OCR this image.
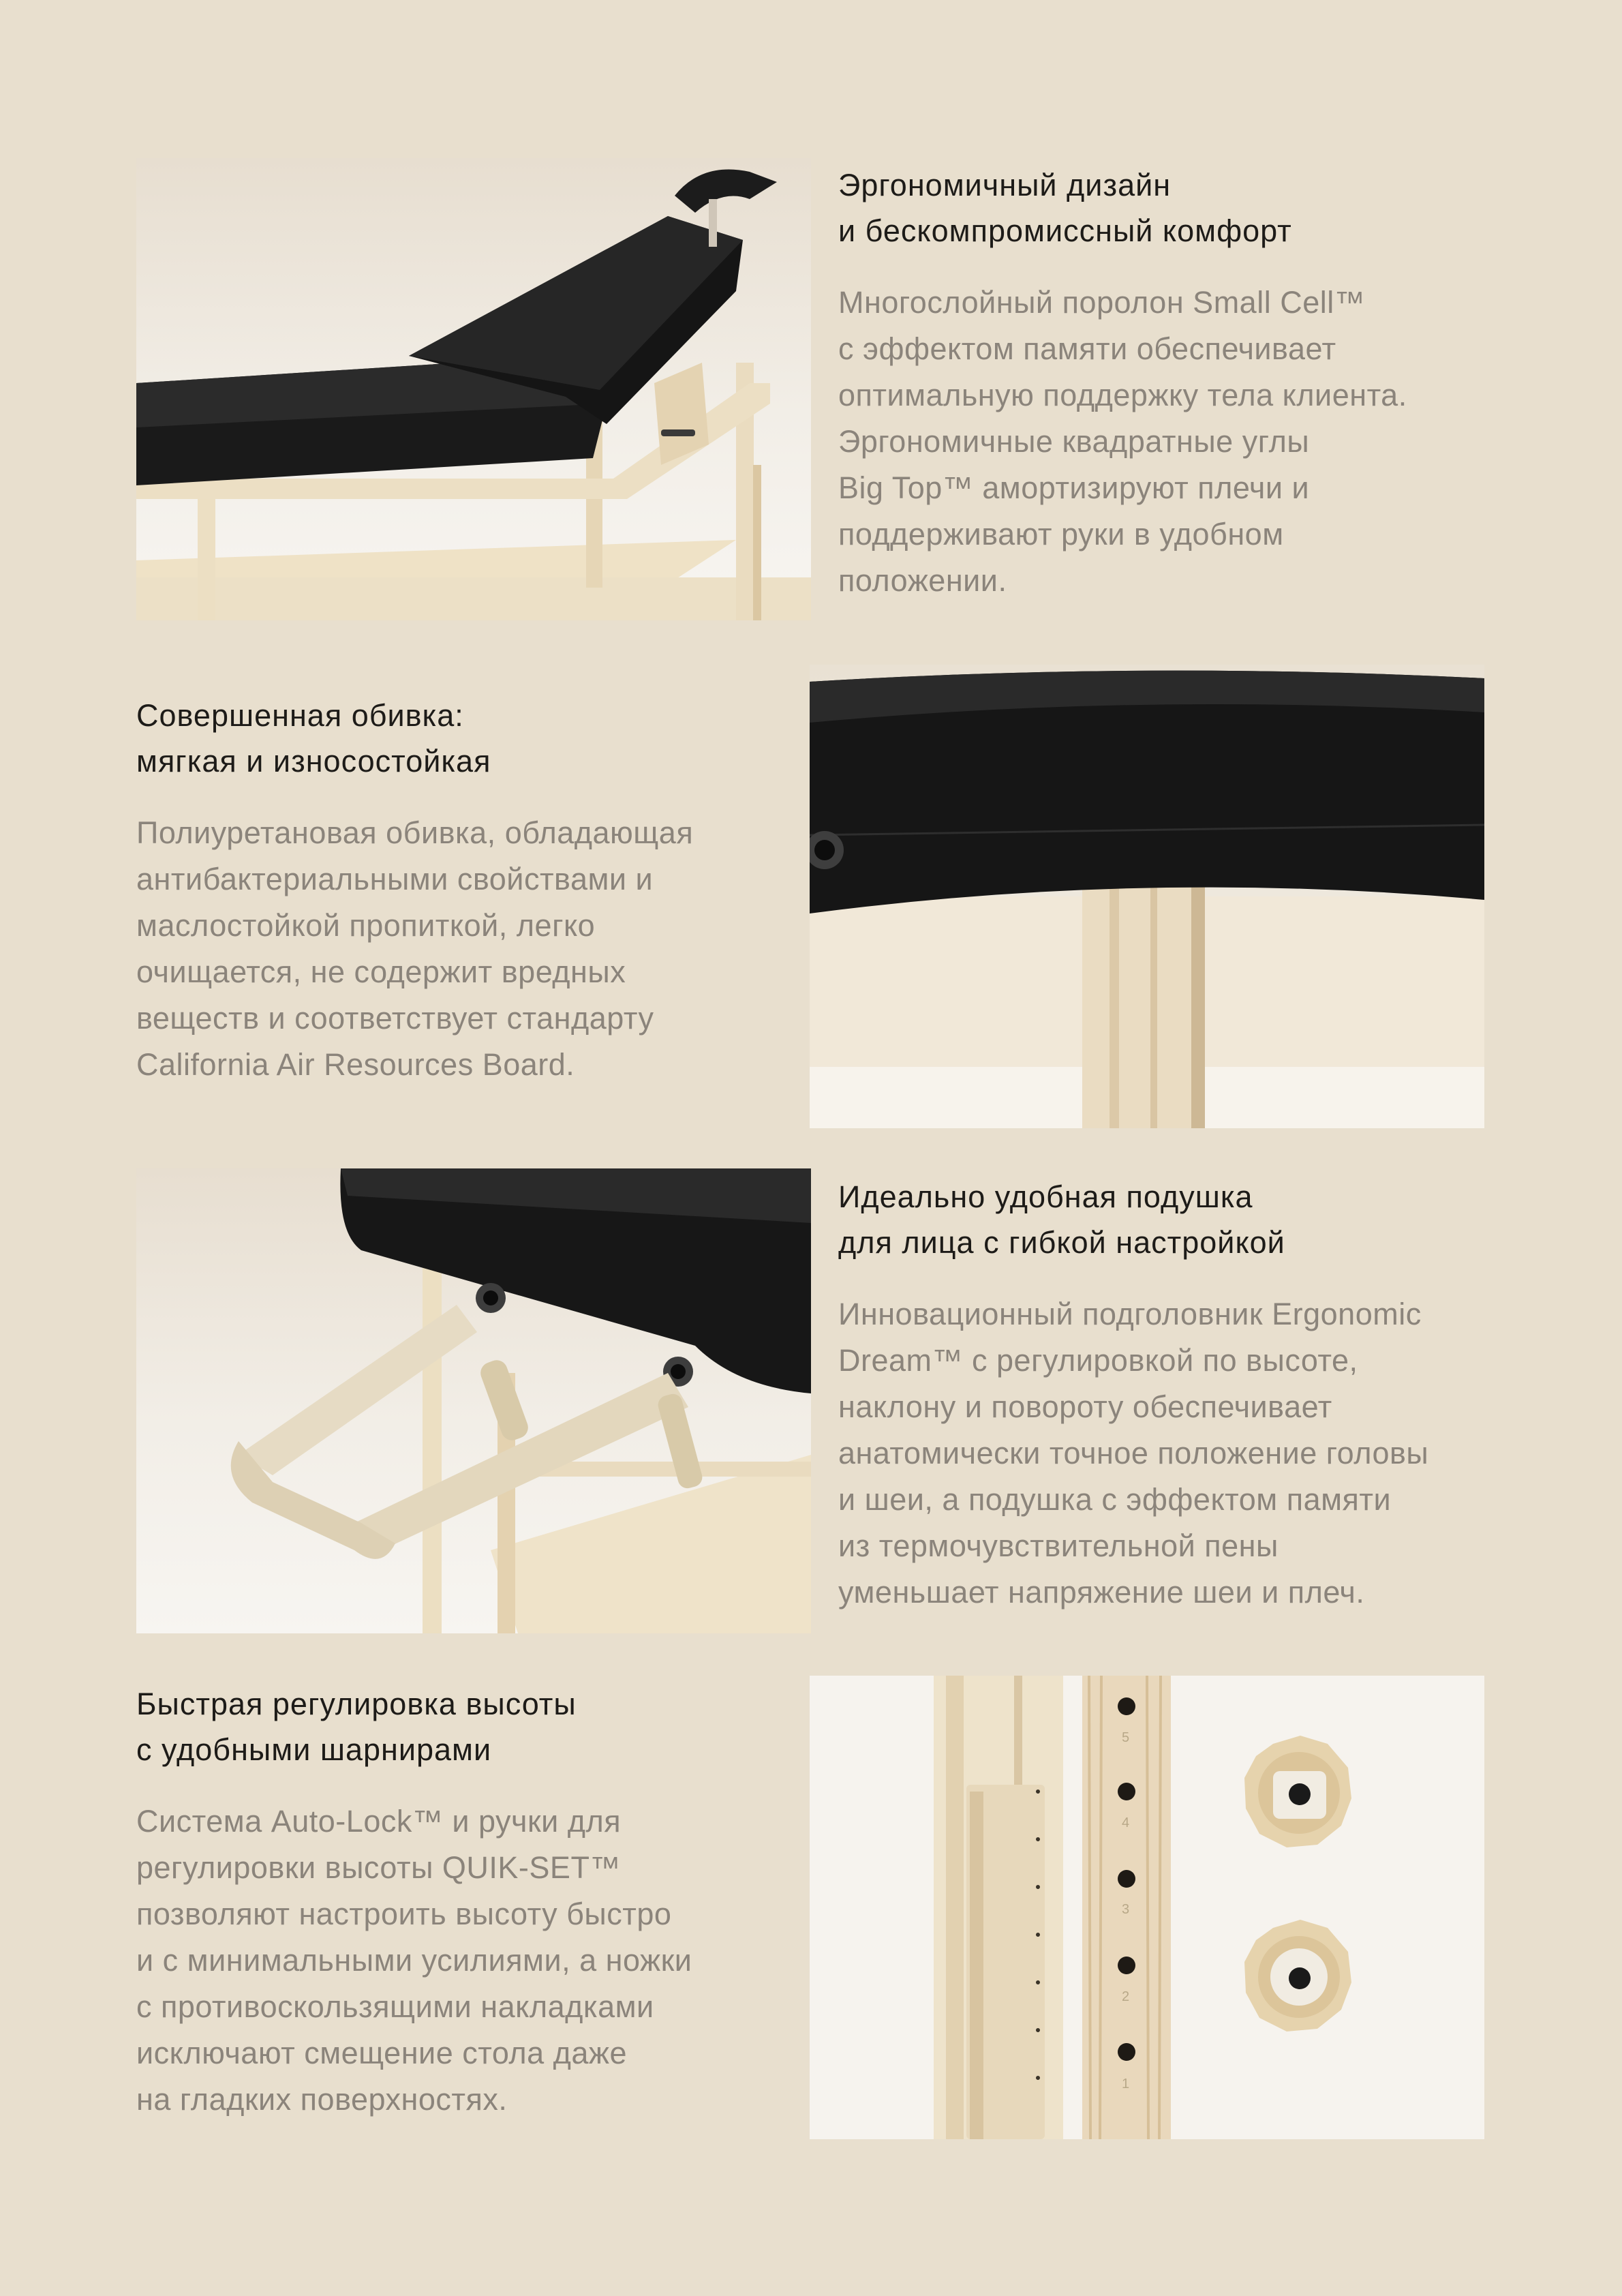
Эргономичный дизайн
и бескомпромиссный комфорт

Многослойный поролон Small Cell™
с эффектом памяти обеспечивает
оптимальную поддержку тела клиента.
Эргономичные квадратные углы
Big Top™ амортизируют плечи и
поддерживают руки в удобном
положении.

Совершенная обивка:
мягкая и износостойкая

Полиуретановая обивка, обладающая
антибактериальными свойствами и
маслостойкой пропиткой, легко
очищается, не содержит вредных
веществ и соответствует стандарту
California Air Resources Board.

Идеально удобная подушка
для лица с гибкой настройкой

Инновационный подголовник Ergonomic
Dream™ с регулировкой по высоте,
наклону и повороту обеспечивает
анатомически точное положение головы
и шеи, а подушка с эффектом памяти
из термочувствительной пены
уменьшает напряжение шеи и плеч.

Быстрая регулировка высоты
с удобными шарнирами

Система Auto-Lock™ и ручки для
регулировки высоты QUIK-SET™
позволяют настроить высоту быстро
и с минимальными усилиями, а ножки
с противоскользящими накладками
исключают смещение стола даже
на гладких поверхностях.

5
4
3
2
1
